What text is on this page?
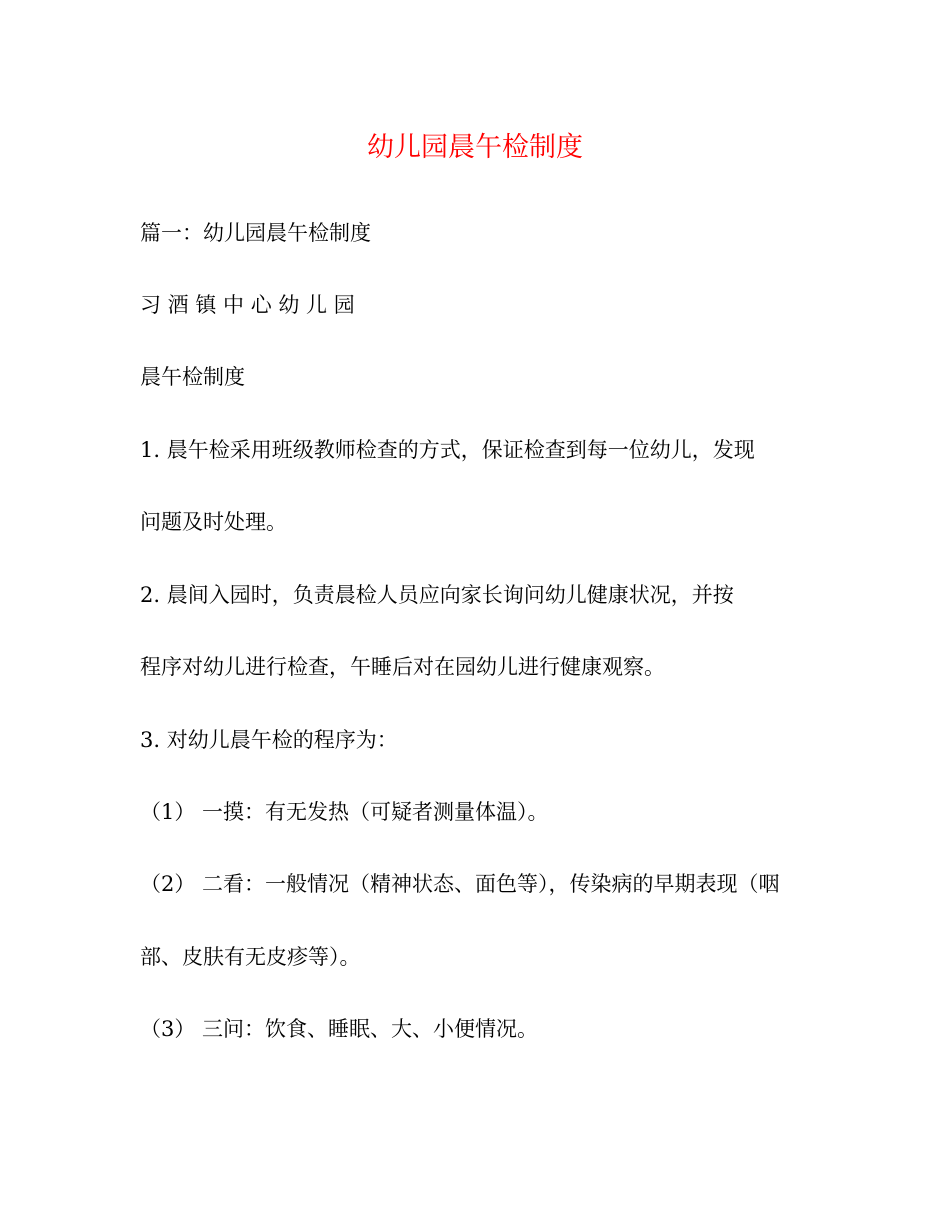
幼儿园晨午检制度

篇一：幼儿园晨午检制度

习 酒 镇 中 心 幼 儿 园

晨午检制度

1. 晨午检采用班级教师检查的方式，保证检查到每一位幼儿，发现

问题及时处理。

2. 晨间入园时，负责晨检人员应向家长询问幼儿健康状况，并按

程序对幼儿进行检查，午睡后对在园幼儿进行健康观察。

3. 对幼儿晨午检的程序为：

（1） 一摸：有无发热（可疑者测量体温）。

（2） 二看：一般情况（精神状态、面色等），传染病的早期表现（咽

部、皮肤有无皮疹等）。

（3） 三问：饮食、睡眠、大、小便情况。
